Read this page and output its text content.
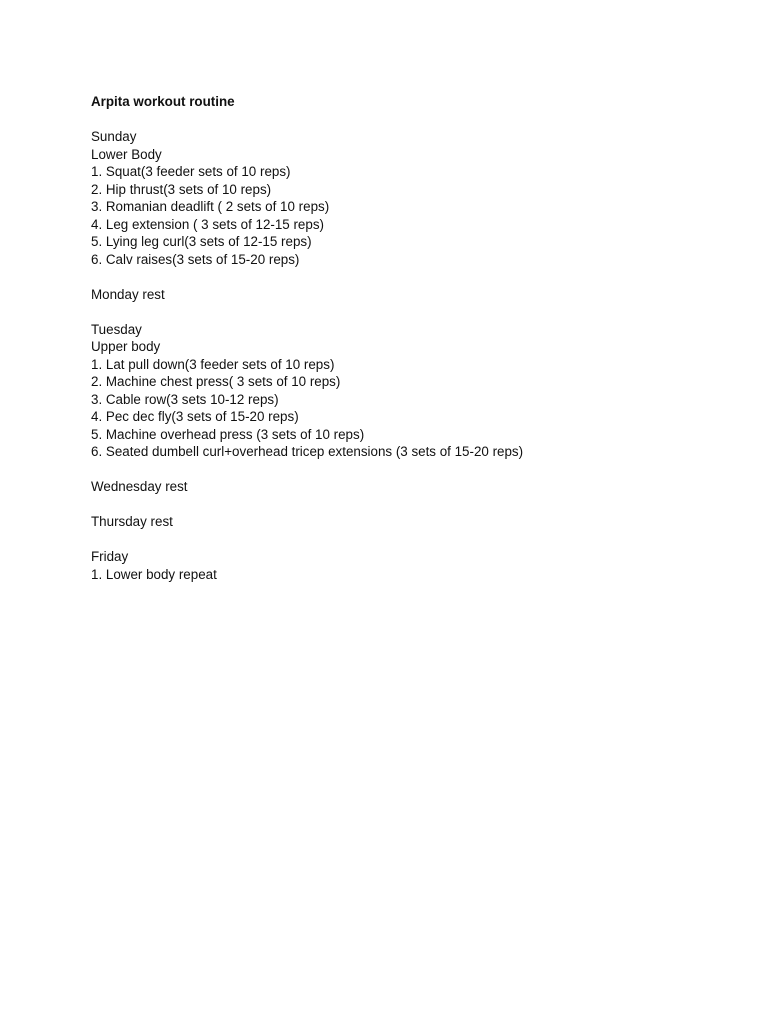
Arpita workout routine

Sunday

Lower Body

1. Squat(3 feeder sets of 10 reps)

2. Hip thrust(3 sets of 10 reps)

3. Romanian deadlift ( 2 sets of 10 reps)

4. Leg extension ( 3 sets of 12-15 reps)

5. Lying leg curl(3 sets of 12-15 reps)

6. Calv raises(3 sets of 15-20 reps)

Monday rest

Tuesday

Upper body

1. Lat pull down(3 feeder sets of 10 reps)

2. Machine chest press( 3 sets of 10 reps)

3. Cable row(3 sets 10-12 reps)

4. Pec dec fly(3 sets of 15-20 reps)

5. Machine overhead press (3 sets of 10 reps)

6. Seated dumbell curl+overhead tricep extensions (3 sets of 15-20 reps)

Wednesday rest

Thursday rest

Friday

1. Lower body repeat
